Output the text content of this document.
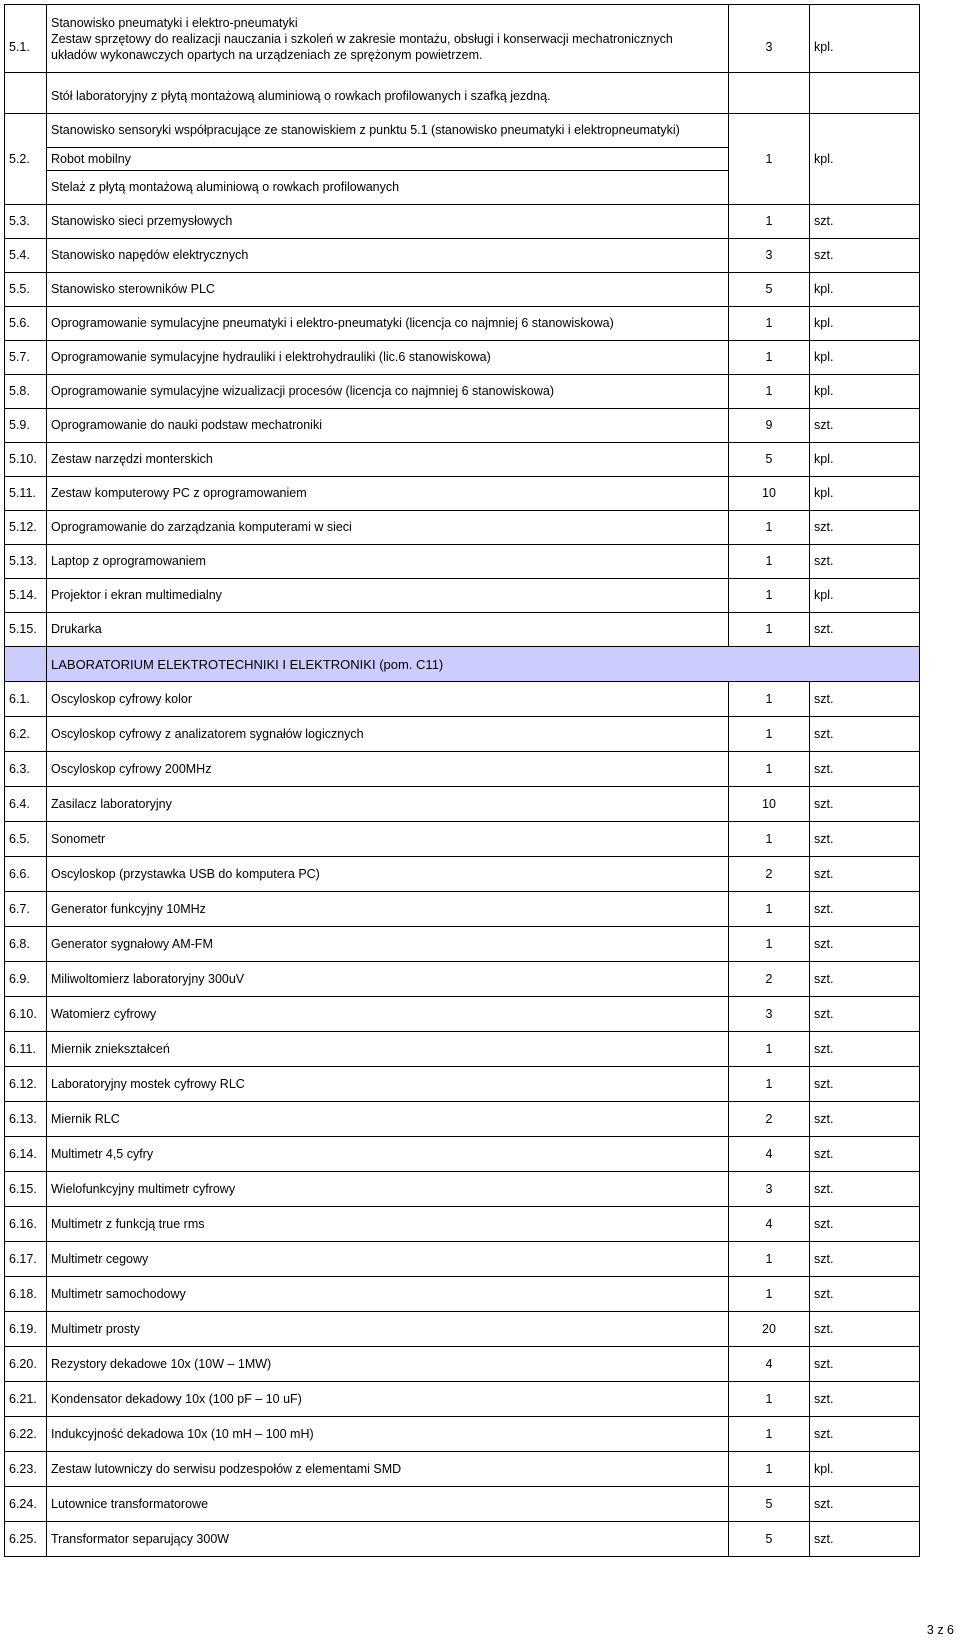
5.1.	Stanowisko pneumatyki i elektro-pneumatyki
Zestaw sprzętowy do realizacji nauczania i szkoleń w zakresie montażu, obsługi i konserwacji mechatronicznych
układów wykonawczych opartych na urządzeniach ze sprężonym powietrzem.	3	kpl.
	Stół laboratoryjny z płytą montażową aluminiową o rowkach profilowanych i szafką jezdną.		
5.2.	Stanowisko sensoryki współpracujące ze stanowiskiem z punktu 5.1 (stanowisko pneumatyki i elektropneumatyki)	1	kpl.
	Robot mobilny		
	Stelaż z płytą montażową aluminiową o rowkach profilowanych		
5.3.	Stanowisko sieci przemysłowych	1	szt.
5.4.	Stanowisko napędów elektrycznych	3	szt.
5.5.	Stanowisko sterowników PLC	5	kpl.
5.6.	Oprogramowanie symulacyjne pneumatyki i elektro-pneumatyki (licencja co najmniej 6 stanowiskowa)	1	kpl.
5.7.	Oprogramowanie symulacyjne hydrauliki i elektrohydrauliki (lic.6 stanowiskowa)	1	kpl.
5.8.	Oprogramowanie symulacyjne wizualizacji procesów (licencja co najmniej 6 stanowiskowa)	1	kpl.
5.9.	Oprogramowanie do nauki podstaw mechatroniki	9	szt.
5.10.	Zestaw narzędzi monterskich	5	kpl.
5.11.	Zestaw komputerowy PC z oprogramowaniem	10	kpl.
5.12.	Oprogramowanie do zarządzania komputerami w sieci	1	szt.
5.13.	Laptop z oprogramowaniem	1	szt.
5.14.	Projektor i ekran multimedialny	1	kpl.
5.15.	Drukarka	1	szt.
	LABORATORIUM ELEKTROTECHNIKI I ELEKTRONIKI (pom. C11)		
6.1.	Oscyloskop cyfrowy kolor	1	szt.
6.2.	Oscyloskop cyfrowy z analizatorem sygnałów logicznych	1	szt.
6.3.	Oscyloskop cyfrowy 200MHz	1	szt.
6.4.	Zasilacz laboratoryjny	10	szt.
6.5.	Sonometr	1	szt.
6.6.	Oscyloskop (przystawka USB do komputera PC)	2	szt.
6.7.	Generator funkcyjny 10MHz	1	szt.
6.8.	Generator sygnałowy AM-FM	1	szt.
6.9.	Miliwoltomierz laboratoryjny 300uV	2	szt.
6.10.	Watomierz cyfrowy	3	szt.
6.11.	Miernik zniekształceń	1	szt.
6.12.	Laboratoryjny mostek cyfrowy RLC	1	szt.
6.13.	Miernik RLC	2	szt.
6.14.	Multimetr 4,5 cyfry	4	szt.
6.15.	Wielofunkcyjny multimetr cyfrowy	3	szt.
6.16.	Multimetr z funkcją true rms	4	szt.
6.17.	Multimetr cegowy	1	szt.
6.18.	Multimetr samochodowy	1	szt.
6.19.	Multimetr prosty	20	szt.
6.20.	Rezystory dekadowe 10x (10W – 1MW)	4	szt.
6.21.	Kondensator dekadowy 10x (100 pF – 10 uF)	1	szt.
6.22.	Indukcyjność dekadowa 10x (10 mH – 100 mH)	1	szt.
6.23.	Zestaw lutowniczy do serwisu podzespołów z elementami SMD	1	kpl.
6.24.	Lutownice transformatorowe	5	szt.
6.25.	Transformator separujący 300W	5	szt.
3 z 6
